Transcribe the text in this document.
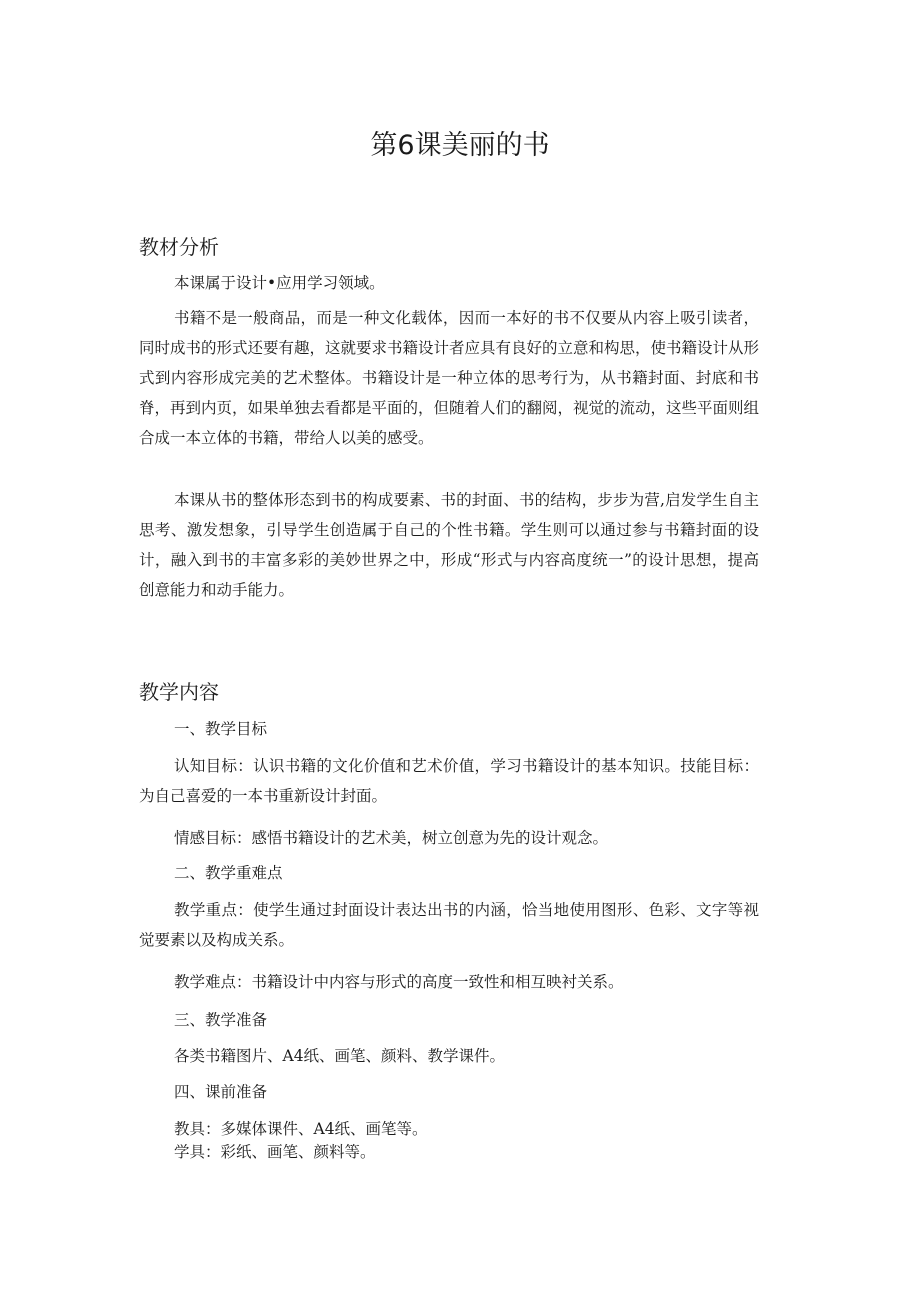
第6课美丽的书
教材分析

本课属于设计•应用学习领域。

书籍不是一般商品，而是一种文化载体，因而一本好的书不仅要从内容上吸引读者，同时成书的形式还要有趣，这就要求书籍设计者应具有良好的立意和构思，使书籍设计从形式到内容形成完美的艺术整体。书籍设计是一种立体的思考行为，从书籍封面、封底和书脊，再到内页，如果单独去看都是平面的，但随着人们的翻阅，视觉的流动，这些平面则组合成一本立体的书籍，带给人以美的感受。

本课从书的整体形态到书的构成要素、书的封面、书的结构，步步为营,启发学生自主思考、激发想象，引导学生创造属于自己的个性书籍。学生则可以通过参与书籍封面的设计，融入到书的丰富多彩的美妙世界之中，形成“形式与内容高度统一”的设计思想，提高创意能力和动手能力。

教学内容

一、教学目标

认知目标：认识书籍的文化价值和艺术价值，学习书籍设计的基本知识。技能目标：为自己喜爱的一本书重新设计封面。

情感目标：感悟书籍设计的艺术美，树立创意为先的设计观念。

二、教学重难点

教学重点：使学生通过封面设计表达出书的内涵，恰当地使用图形、色彩、文字等视觉要素以及构成关系。

教学难点：书籍设计中内容与形式的高度一致性和相互映衬关系。

三、教学准备

各类书籍图片、A4纸、画笔、颜料、教学课件。

四、课前准备

教具：多媒体课件、A4纸、画笔等。

学具：彩纸、画笔、颜料等。
